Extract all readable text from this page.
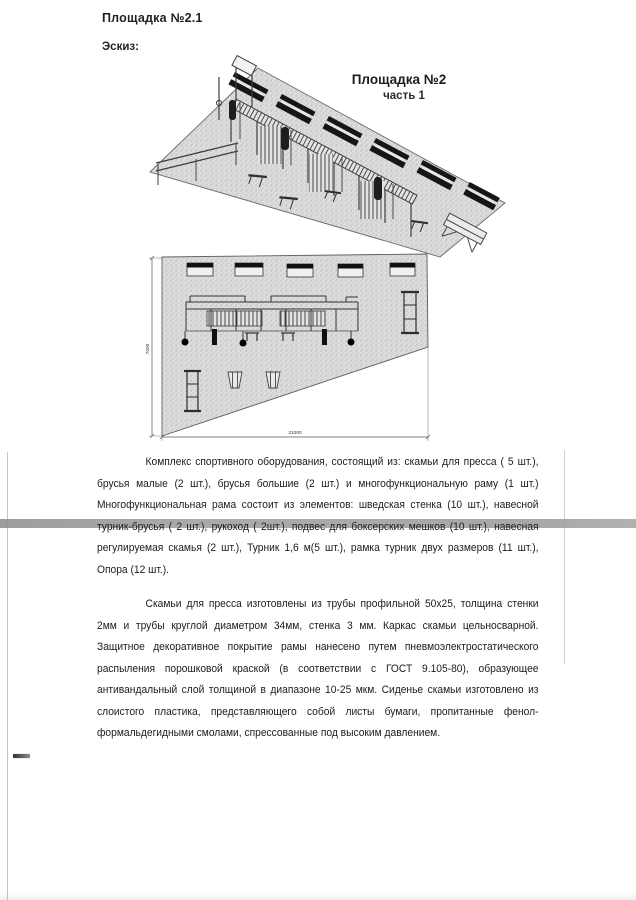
Площадка №2.1
Эскиз:
Площадка №2
часть 1
21000
7000

Комплекс спортивного оборудования, состоящий из: скамьи для пресса ( 5 шт.), брусья малые (2 шт.), брусья большие (2 шт.) и многофункциональную раму (1 шт.) Многофункциональная рама состоит из элементов: шведская стенка (10 шт.), навесной турник-брусья ( 2 шт.), рукоход ( 2шт.), подвес для боксерских мешков (10 шт.), навесная регулируемая скамья (2 шт.), Турник 1,6 м(5 шт.), рамка турник двух размеров (11 шт.), Опора (12 шт.).

Скамьи для пресса изготовлены из трубы профильной 50х25, толщина стенки 2мм и трубы круглой диаметром 34мм, стенка 3 мм. Каркас скамьи цельносварной. Защитное декоративное покрытие рамы нанесено путем пневмоэлектростатического распыления порошковой краской (в соответствии с ГОСТ 9.105-80), образующее антивандальный слой толщиной в диапазоне 10-25 мкм. Сиденье скамьи изготовлено из слоистого пластика, представляющего собой листы бумаги, пропитанные фенол-формальдегидными смолами, спрессованные под высоким давлением.
